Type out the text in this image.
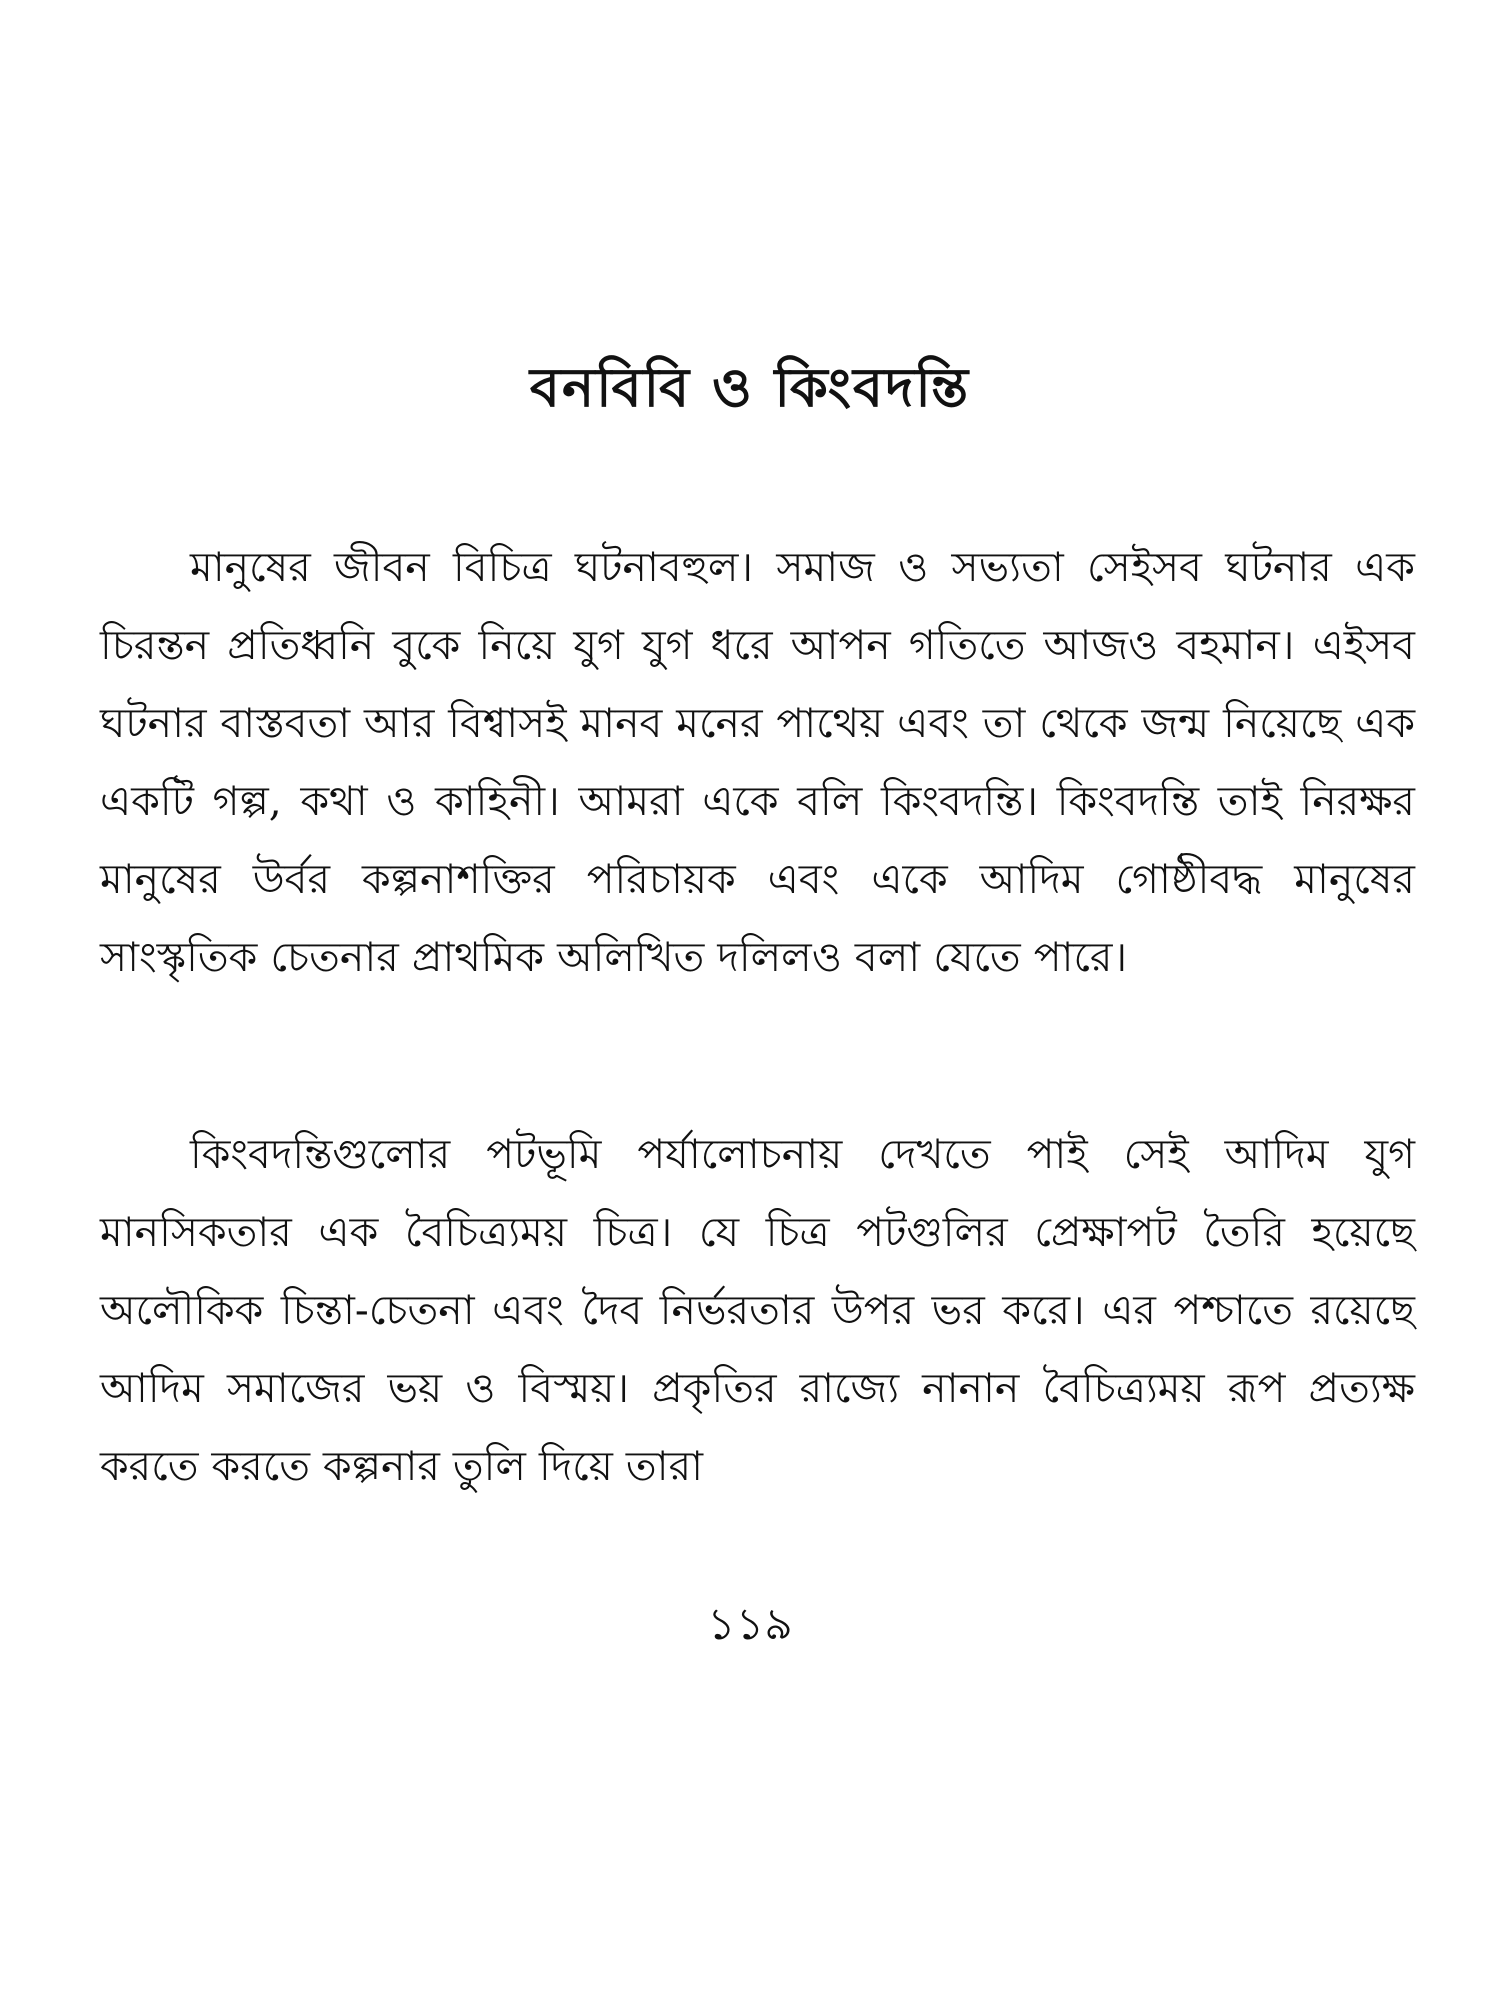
বনবিবি ও কিংবদন্তি

মানুষের জীবন বিচিত্র ঘটনাবহুল। সমাজ ও সভ্যতা সেইসব ঘটনার এক চিরন্তন প্রতিধ্বনি বুকে নিয়ে যুগ যুগ ধরে আপন গতিতে আজও বহমান। এইসব ঘটনার বাস্তবতা আর বিশ্বাসই মানব মনের পাথেয় এবং তা থেকে জন্ম নিয়েছে এক একটি গল্প, কথা ও কাহিনী। আমরা একে বলি কিংবদন্তি। কিংবদন্তি তাই নিরক্ষর মানুষের উর্বর কল্পনাশক্তির পরিচায়ক এবং একে আদিম গোষ্ঠীবদ্ধ মানুষের সাংস্কৃতিক চেতনার প্রাথমিক অলিখিত দলিলও বলা যেতে পারে।

কিংবদন্তিগুলোর পটভূমি পর্যালোচনায় দেখতে পাই সেই আদিম যুগ মানসিকতার এক বৈচিত্র্যময় চিত্র। যে চিত্র পটগুলির প্রেক্ষাপট তৈরি হয়েছে অলৌকিক চিন্তা-চেতনা এবং দৈব নির্ভরতার উপর ভর করে। এর পশ্চাতে রয়েছে আদিম সমাজের ভয় ও বিস্ময়। প্রকৃতির রাজ্যে নানান বৈচিত্র্যময় রূপ প্রত্যক্ষ করতে করতে কল্পনার তুলি দিয়ে তারা

১১৯
